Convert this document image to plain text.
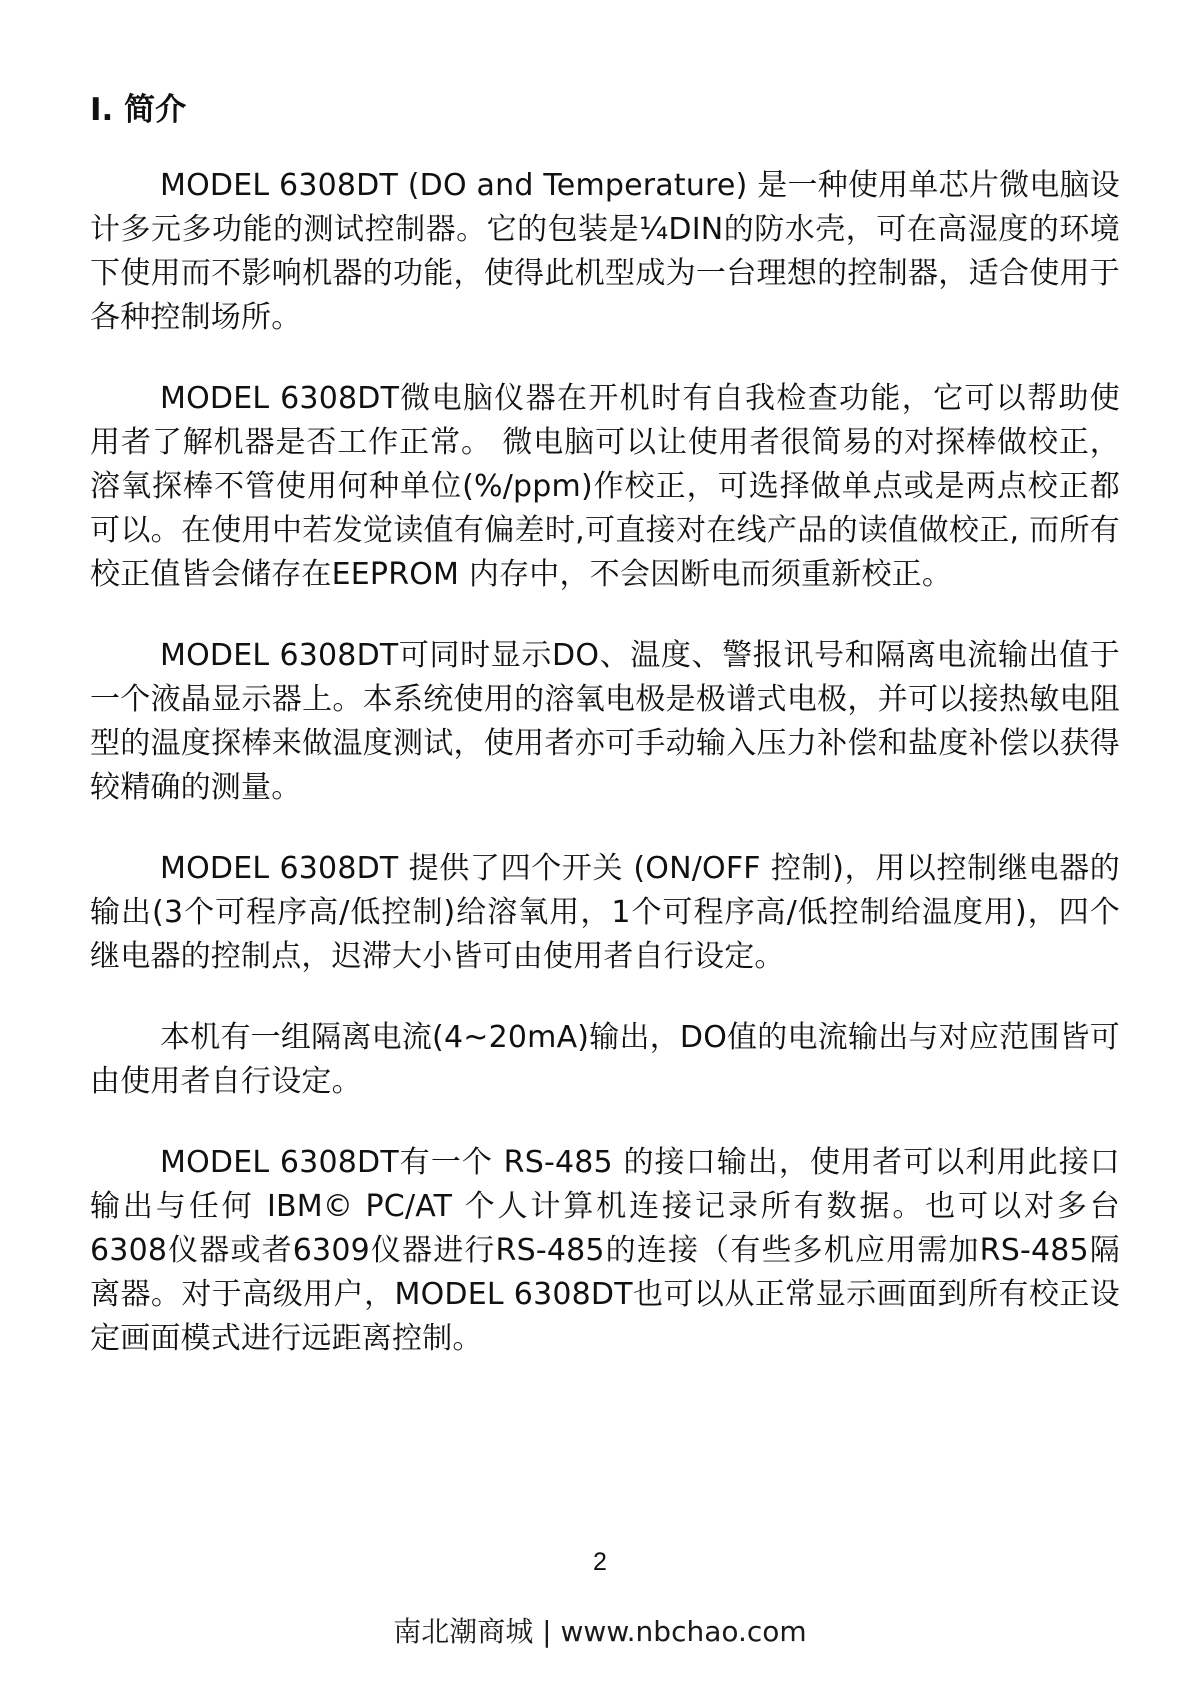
I. 简介

MODEL 6308DT (DO and Temperature) 是一种使用单芯片微电脑设计多元多功能的测试控制器。它的包装是¼DIN的防水壳，可在高湿度的环境下使用而不影响机器的功能，使得此机型成为一台理想的控制器，适合使用于各种控制场所。

MODEL 6308DT微电脑仪器在开机时有自我检查功能，它可以帮助使用者了解机器是否工作正常。 微电脑可以让使用者很简易的对探棒做校正，溶氧探棒不管使用何种单位(%/ppm)作校正，可选择做单点或是两点校正都可以。在使用中若发觉读值有偏差时,可直接对在线产品的读值做校正, 而所有校正值皆会储存在EEPROM 内存中，不会因断电而须重新校正。

MODEL 6308DT可同时显示DO、温度、警报讯号和隔离电流输出值于一个液晶显示器上。本系统使用的溶氧电极是极谱式电极，并可以接热敏电阻型的温度探棒来做温度测试，使用者亦可手动输入压力补偿和盐度补偿以获得较精确的测量。

MODEL 6308DT 提供了四个开关 (ON/OFF 控制)，用以控制继电器的输出(3个可程序高/低控制)给溶氧用，1个可程序高/低控制给温度用)，四个继电器的控制点，迟滞大小皆可由使用者自行设定。

本机有一组隔离电流(4~20mA)输出，DO值的电流输出与对应范围皆可由使用者自行设定。

MODEL 6308DT有一个 RS-485 的接口输出，使用者可以利用此接口输出与任何 IBM© PC/AT 个人计算机连接记录所有数据。也可以对多台6308仪器或者6309仪器进行RS-485的连接（有些多机应用需加RS-485隔离器。对于高级用户，MODEL 6308DT也可以从正常显示画面到所有校正设定画面模式进行远距离控制。

2
南北潮商城 | www.nbchao.com
